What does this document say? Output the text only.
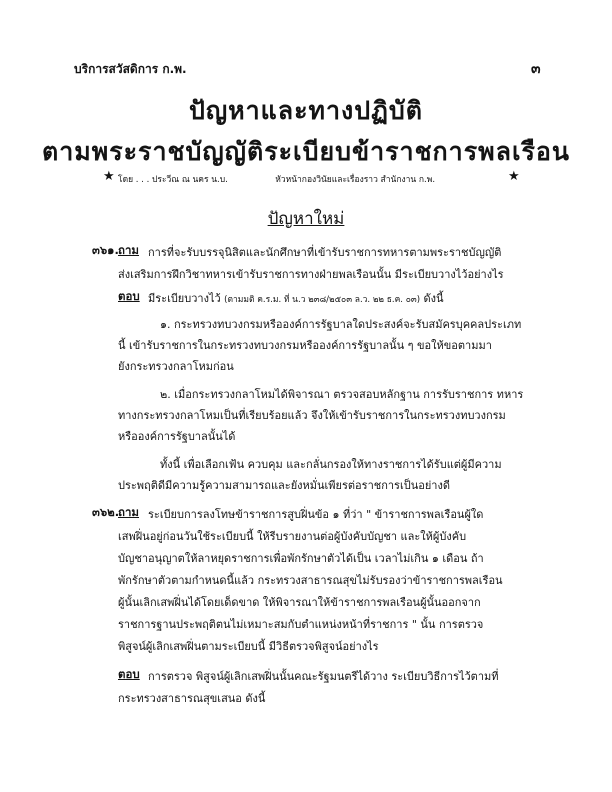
บริการสวัสดิการ ก.พ.	๓
ปัญหาและทางปฏิบัติ
ตามพระราชบัญญัติระเบียบข้าราชการพลเรือน
★ โดย . . . ประวีณ ณ นคร น.บ.	หัวหน้ากองวินัยและเรื่องราว สำนักงาน ก.พ.	★
ปัญหาใหม่
๓๖๑. ถาม การที่จะรับบรรจุนิสิตและนักศึกษาที่เข้ารับราชการทหารตามพระราชบัญญัติ
ส่งเสริมการฝึกวิชาทหารเข้ารับราชการทางฝ่ายพลเรือนนั้น มีระเบียบวางไว้อย่างไร
ตอบ มีระเบียบวางไว้ (ตามมติ ค.ร.ม. ที่ น.ว ๒๓๘/๒๕๐๓ ล.ว. ๒๒ ธ.ค. ๐๓) ดังนี้
๑. กระทรวงทบวงกรมหรือองค์การรัฐบาลใดประสงค์จะรับสมัครบุคคลประเภท
นี้ เข้ารับราชการในกระทรวงทบวงกรมหรือองค์การรัฐบาลนั้น ๆ ขอให้ขอตามมา
ยังกระทรวงกลาโหมก่อน
๒. เมื่อกระทรวงกลาโหมได้พิจารณา ตรวจสอบหลักฐาน การรับราชการ ทหาร
ทางกระทรวงกลาโหมเป็นที่เรียบร้อยแล้ว จึงให้เข้ารับราชการในกระทรวงทบวงกรม
หรือองค์การรัฐบาลนั้นได้
ทั้งนี้ เพื่อเลือกเฟ้น ควบคุม และกลั่นกรองให้ทางราชการได้รับแต่ผู้มีความ
ประพฤติดีมีความรู้ความสามารถและยังหมั่นเพียรต่อราชการเป็นอย่างดี
๓๖๒.
ถาม ระเบียบการลงโทษข้าราชการสูบฝิ่นข้อ ๑ ที่ว่า " ข้าราชการพลเรือนผู้ใด
เสพฝิ่นอยู่ก่อนวันใช้ระเบียบนี้ ให้รีบรายงานต่อผู้บังคับบัญชา และให้ผู้บังคับ
บัญชาอนุญาตให้ลาหยุดราชการเพื่อพักรักษาตัวได้เป็น เวลาไม่เกิน ๑ เดือน ถ้า
พักรักษาตัวตามกำหนดนี้แล้ว กระทรวงสาธารณสุขไม่รับรองว่าข้าราชการพลเรือน
ผู้นั้นเลิกเสพฝิ่นได้โดยเด็ดขาด ให้พิจารณาให้ข้าราชการพลเรือนผู้นั้นออกจาก
ราชการฐานประพฤติตนไม่เหมาะสมกับตำแหน่งหน้าที่ราชการ " นั้น การตรวจ
พิสูจน์ผู้เลิกเสพฝิ่นตามระเบียบนี้ มีวิธีตรวจพิสูจน์อย่างไร
ตอบ การตรวจ พิสูจน์ผู้เลิกเสพฝิ่นนั้นคณะรัฐมนตรีได้วาง ระเบียบวิธีการไว้ตามที่
กระทรวงสาธารณสุขเสนอ ดังนี้
